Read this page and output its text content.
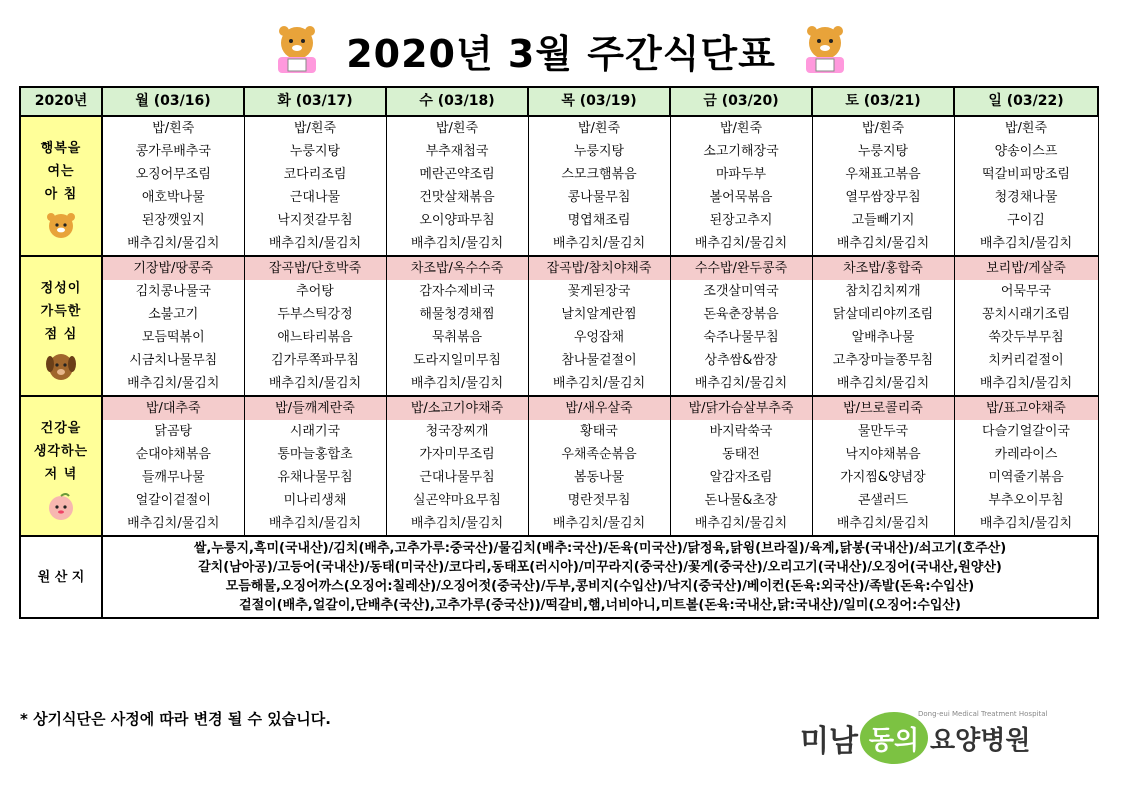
2020년 3월 주간식단표
2020년	월 (03/16)	화 (03/17)	수 (03/18)	목 (03/19)	금 (03/20)	토 (03/21)	일 (03/22)

행복을
여는
아 침	밥/흰죽	밥/흰죽	밥/흰죽	밥/흰죽	밥/흰죽	밥/흰죽	밥/흰죽
	콩가루배추국	누룽지탕	부추재첩국	누룽지탕	소고기해장국	누룽지탕	양송이스프
	오징어무조림	코다리조림	메란곤약조림	스모크햄볶음	마파두부	우채표고볶음	떡갈비피망조림
	애호박나물	근대나물	건맛살채볶음	콩나물무침	볼어묵볶음	열무쌈장무침	청경채나물
	된장깻잎지	낙지젓갈무침	오이양파무침	명엽채조림	된장고추지	고들빼기지	구이김
	배추김치/물김치	배추김치/물김치	배추김치/물김치	배추김치/물김치	배추김치/물김치	배추김치/물김치	배추김치/물김치

정성이
가득한
점 심	기장밥/땅콩죽	잡곡밥/단호박죽	차조밥/옥수수죽	잡곡밥/참치야채죽	수수밥/완두콩죽	차조밥/홍합죽	보리밥/게살죽
	김치콩나물국	추어탕	감자수제비국	꽃게된장국	조갯살미역국	참치김치찌개	어묵무국
	소불고기	두부스틱강정	해물청경채찜	날치알계란찜	돈육춘장볶음	닭살데리야끼조림	꽁치시래기조림
	모듬떡볶이	애느타리볶음	묵취볶음	우엉잡채	숙주나물무침	알배추나물	쑥갓두부무침
	시금치나물무침	김가루쪽파무침	도라지일미무침	참나물겉절이	상추쌈&쌈장	고추장마늘쫑무침	치커리겉절이
	배추김치/물김치	배추김치/물김치	배추김치/물김치	배추김치/물김치	배추김치/물김치	배추김치/물김치	배추김치/물김치

건강을
생각하는
저 녁	밥/대추죽	밥/들깨계란죽	밥/소고기야채죽	밥/새우살죽	밥/닭가슴살부추죽	밥/브로콜리죽	밥/표고야채죽
	닭곰탕	시래기국	청국장찌개	황태국	바지락쑥국	물만두국	다슬기얼갈이국
	순대야채볶음	통마늘홍합초	가자미무조림	우채족순볶음	동태전	낙지야채볶음	카레라이스
	들깨무나물	유채나물무침	근대나물무침	봄동나물	알감자조림	가지찜&양념장	미역줄기볶음
	얼갈이겉절이	미나리생채	실곤약마요무침	명란젓무침	돈나물&초장	콘샐러드	부추오이무침
	배추김치/물김치	배추김치/물김치	배추김치/물김치	배추김치/물김치	배추김치/물김치	배추김치/물김치	배추김치/물김치
원 산 지	쌀,누룽지,흑미(국내산)/김치(배추,고추가루:중국산)/물김치(배추:국산)/돈육(미국산)/닭정육,닭윙(브라질)/육계,닭봉(국내산)/쇠고기(호주산)
갈치(남아공)/고등어(국내산)/동태(미국산)/코다리,동태포(러시아)/미꾸라지(중국산)/꽃게(중국산)/오리고기(국내산)/오징어(국내산,원양산)
모듬해물,오징어까스(오징어:칠레산)/오징어젓(중국산)/두부,콩비지(수입산)/낙지(중국산)/베이컨(돈육:외국산)/족발(돈육:수입산)
겉절이(배추,얼갈이,단배추(국산),고추가루(중국산))/떡갈비,햄,너비아니,미트볼(돈육:국내산,닭:국내산)/일미(오징어:수입산)						
* 상기식단은 사정에 따라 변경 될 수 있습니다.
미남 동의 요양병원
Dong-eui Medical Treatment Hospital
